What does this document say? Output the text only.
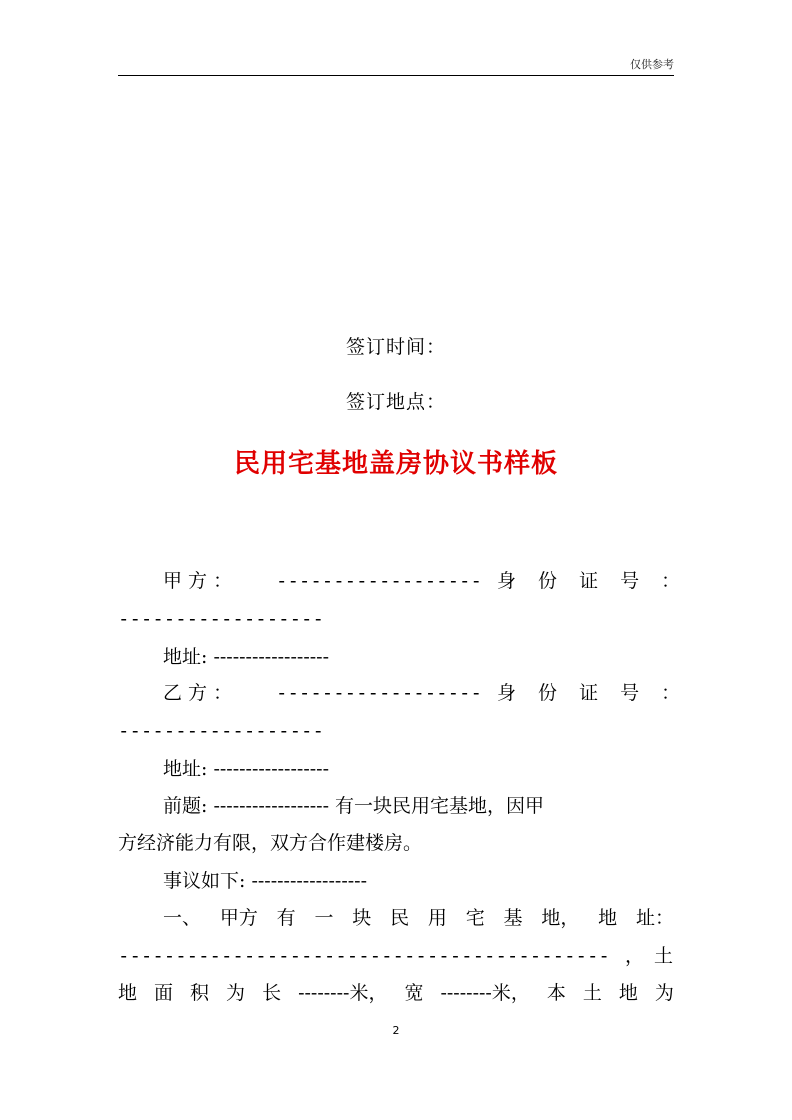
仅供参考
签订时间：
签订地点：
民用宅基地盖房协议书样板
甲 方 ： ------------------ 身 份 证 号 ：
------------------
地址: ------------------
乙 方 ： ------------------ 身 份 证 号 ：
------------------
地址: ------------------
前题: ------------------ 有一块民用宅基地，因甲
方经济能力有限，双方合作建楼房。
事议如下: ------------------
一、 甲方 有 一 块 民 用 宅 基 地， 地 址：
------------------------------------------- ，土
地 面 积 为 长 --------米， 宽 --------米， 本 土 地 为
2
